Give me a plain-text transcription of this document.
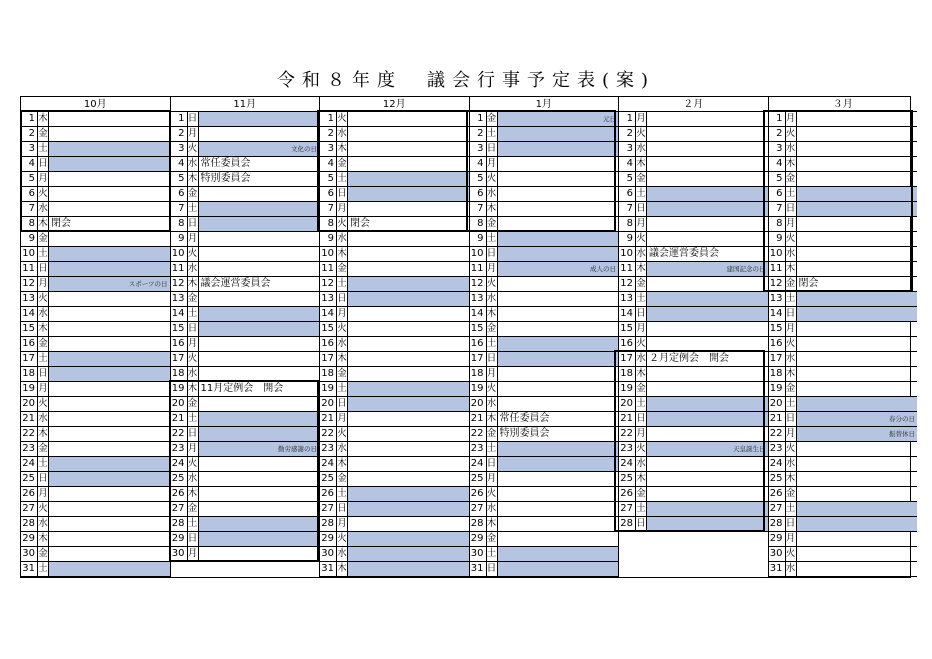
令和８年度　議会行事予定表(案)
10月
1 木
2 金
3 土
4 日
5 月
6 火
7 水
8 木 閉会
9 金
10 土
11 日
12 月	スポーツの日
13 火
14 水
15 木
16 金
17 土
18 日
19 月
20 火
21 水
22 木
23 金
24 土
25 日
26 月
27 火
28 水
29 木
30 金
31 土
11月
1 日
2 月
3 火	文化の日
4 水 常任委員会
5 木 特別委員会
6 金
7 土
8 日
9 月
10 火
11 水
12 木 議会運営委員会
13 金
14 土
15 日
16 月
17 火
18 水
19 木 11月定例会　開会
20 金
21 土
22 日
23 月	勤労感謝の日
24 火
25 水
26 木
27 金
28 土
29 日
30 月
12月
1 火
2 水
3 木
4 金
5 土
6 日
7 月
8 火 閉会
9 水
10 木
11 金
12 土
13 日
14 月
15 火
16 水
17 木
18 金
19 土
20 日
21 月
22 火
23 水
24 木
25 金
26 土
27 日
28 月
29 火
30 水
31 木
1月
1 金	元日
2 土
3 日
4 月
5 火
6 水
7 木
8 金
9 土
10 日
11 月	成人の日
12 火
13 水
14 木
15 金
16 土
17 日
18 月
19 火
20 水
21 木 常任委員会
22 金 特別委員会
23 土
24 日
25 月
26 火
27 水
28 木
29 金
30 土
31 日
２月
1 月
2 火
3 水
4 木
5 金
6 土
7 日
8 月
9 火
10 水 議会運営委員会
11 木	建国記念の日
12 金
13 土
14 日
15 月
16 火
17 水 ２月定例会　開会
18 木
19 金
20 土
21 日
22 月
23 火	天皇誕生日
24 水
25 木
26 金
27 土
28 日
３月
1 月
2 火
3 水
4 木
5 金
6 土
7 日
8 月
9 火
10 水
11 木
12 金 閉会
13 土
14 日
15 月
16 火
17 水
18 木
19 金
20 土
21 日	春分の日
22 月	振替休日
23 火
24 水
25 木
26 金
27 土
28 日
29 月
30 火
31 水
